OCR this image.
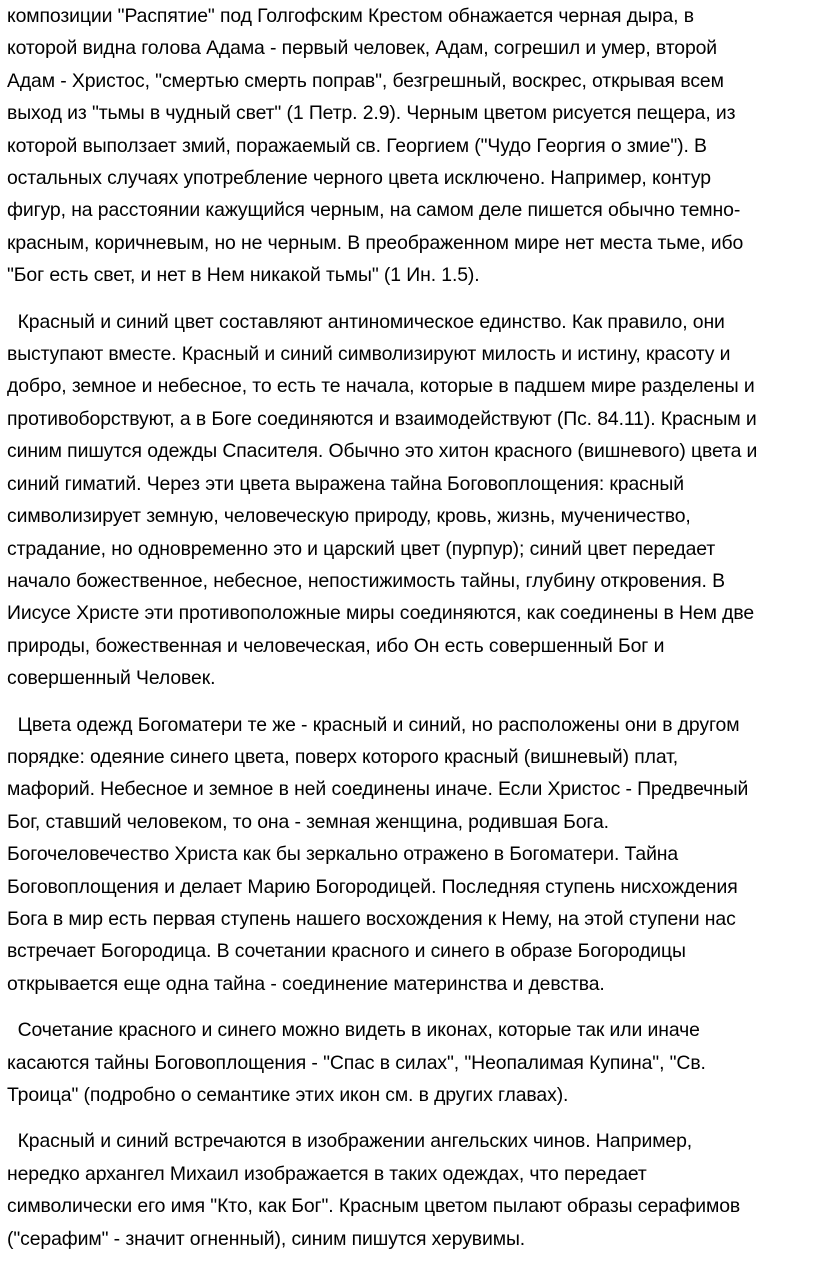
композиции "Распятие" под Голгофским Крестом обнажается черная дыра, в
которой видна голова Адама - первый человек, Адам, согрешил и умер, второй
Адам - Христос, "смертью смерть поправ", безгрешный, воскрес, открывая всем
выход из "тьмы в чудный свет" (1 Петр. 2.9). Черным цветом рисуется пещера, из
которой выползает змий, поражаемый св. Георгием ("Чудо Георгия о змие"). В
остальных случаях употребление черного цвета исключено. Например, контур
фигур, на расстоянии кажущийся черным, на самом деле пишется обычно темно-
красным, коричневым, но не черным. В преображенном мире нет места тьме, ибо
"Бог есть свет, и нет в Нем никакой тьмы" (1 Ин. 1.5).
Красный и синий цвет составляют антиномическое единство. Как правило, они
выступают вместе. Красный и синий символизируют милость и истину, красоту и
добро, земное и небесное, то есть те начала, которые в падшем мире разделены и
противоборствуют, а в Боге соединяются и взаимодействуют (Пс. 84.11). Красным и
синим пишутся одежды Спасителя. Обычно это хитон красного (вишневого) цвета и
синий гиматий. Через эти цвета выражена тайна Боговоплощения: красный
символизирует земную, человеческую природу, кровь, жизнь, мученичество,
страдание, но одновременно это и царский цвет (пурпур); синий цвет передает
начало божественное, небесное, непостижимость тайны, глубину откровения. В
Иисусе Христе эти противоположные миры соединяются, как соединены в Нем две
природы, божественная и человеческая, ибо Он есть совершенный Бог и
совершенный Человек.
Цвета одежд Богоматери те же - красный и синий, но расположены они в другом
порядке: одеяние синего цвета, поверх которого красный (вишневый) плат,
мафорий. Небесное и земное в ней соединены иначе. Если Христос - Предвечный
Бог, ставший человеком, то она - земная женщина, родившая Бога.
Богочеловечество Христа как бы зеркально отражено в Богоматери. Тайна
Боговоплощения и делает Марию Богородицей. Последняя ступень нисхождения
Бога в мир есть первая ступень нашего восхождения к Нему, на этой ступени нас
встречает Богородица. В сочетании красного и синего в образе Богородицы
открывается еще одна тайна - соединение материнства и девства.
Сочетание красного и синего можно видеть в иконах, которые так или иначе
касаются тайны Боговоплощения - "Спас в силах", "Неопалимая Купина", "Св.
Троица" (подробно о семантике этих икон см. в других главах).
Красный и синий встречаются в изображении ангельских чинов. Например,
нередко архангел Михаил изображается в таких одеждах, что передает
символически его имя "Кто, как Бог". Красным цветом пылают образы серафимов
("серафим" - значит огненный), синим пишутся херувимы.
